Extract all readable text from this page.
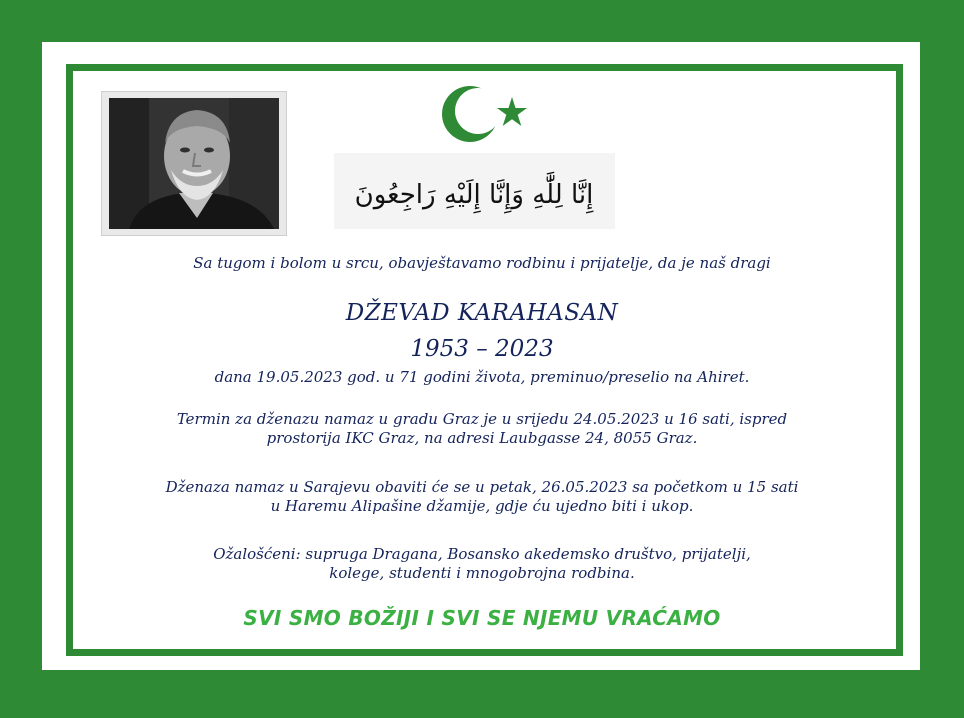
إِنَّا لِلَّٰهِ وَإِنَّا إِلَيْهِ رَاجِعُونَ
Sa tugom i bolom u srcu, obavještavamo rodbinu i prijatelje, da je naš dragi
DŽEVAD KARAHASAN
1953 – 2023
dana 19.05.2023 god. u 71 godini života, preminuo/preselio na Ahiret.
Termin za dženazu namaz u gradu Graz je u srijedu 24.05.2023 u 16 sati, ispred
prostorija IKC Graz, na adresi Laubgasse 24, 8055 Graz.
Dženaza namaz u Sarajevu obaviti će se u petak, 26.05.2023 sa početkom u 15 sati
u Haremu Alipašine džamije, gdje ću ujedno biti i ukop.
Ožalošćeni: supruga Dragana, Bosansko akedemsko društvo, prijatelji,
kolege, studenti i mnogobrojna rodbina.
SVI SMO BOŽIJI I SVI SE NJEMU VRAĆAMO
